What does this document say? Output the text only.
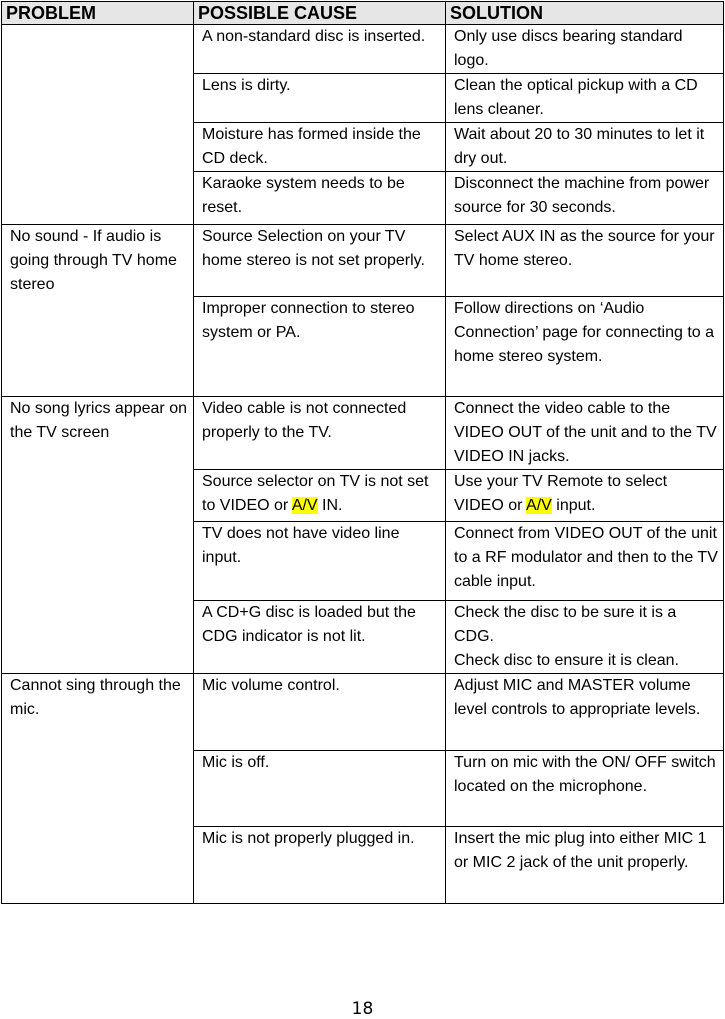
PROBLEM	POSSIBLE CAUSE	SOLUTION
	A non-standard disc is inserted.	Only use discs bearing standard logo.
	Lens is dirty.	Clean the optical pickup with a CD lens cleaner.
	Moisture has formed inside the CD deck.	Wait about 20 to 30 minutes to let it dry out.
	Karaoke system needs to be reset.	Disconnect the machine from power source for 30 seconds.
No sound - If audio is going through TV home stereo	Source Selection on your TV home stereo is not set properly.	Select AUX IN as the source for your TV home stereo.
	Improper connection to stereo system or PA.	Follow directions on ‘Audio Connection’ page for connecting to a home stereo system.
No song lyrics appear on the TV screen	Video cable is not connected properly to the TV.	Connect the video cable to the VIDEO OUT of the unit and to the TV VIDEO IN jacks.
	Source selector on TV is not set to VIDEO or A/V IN.	Use your TV Remote to select VIDEO or A/V input.
	TV does not have video line input.	Connect from VIDEO OUT of the unit to a RF modulator and then to the TV cable input.
	A CD+G disc is loaded but the CDG indicator is not lit.	Check the disc to be sure it is a CDG.
Check disc to ensure it is clean.

Cannot sing through the mic.	Mic volume control.	Adjust MIC and MASTER volume level controls to appropriate levels.
	Mic is off.	Turn on mic with the ON/ OFF switch located on the microphone.
	Mic is not properly plugged in.	Insert the mic plug into either MIC 1 or MIC 2 jack of the unit properly.
18
